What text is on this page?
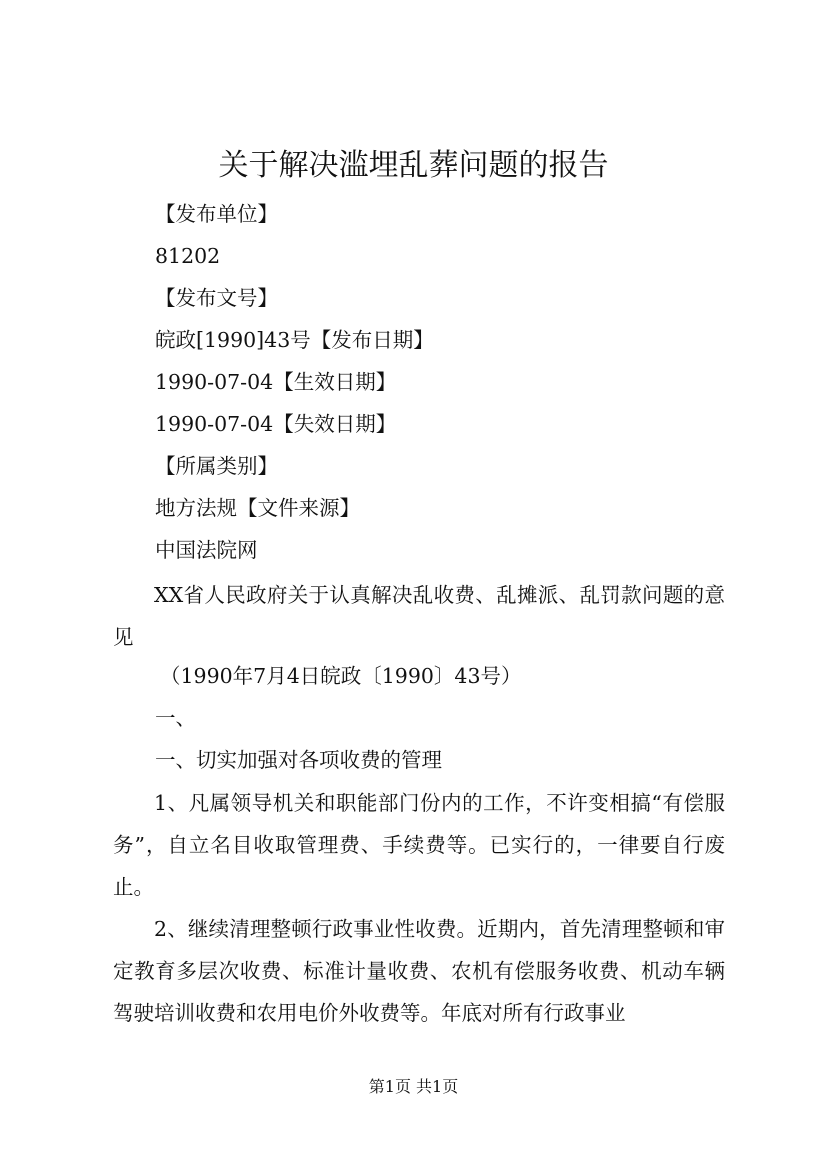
关于解决滥埋乱葬问题的报告

【发布单位】

81202

【发布文号】

皖政[1990]43号【发布日期】

1990-07-04【生效日期】

1990-07-04【失效日期】

【所属类别】

地方法规【文件来源】

中国法院网

XX省人民政府关于认真解决乱收费、乱摊派、乱罚款问题的意见

（1990年7月4日皖政〔1990〕43号）

一、

一、切实加强对各项收费的管理

1、凡属领导机关和职能部门份内的工作，不许变相搞“有偿服务”，自立名目收取管理费、手续费等。已实行的，一律要自行废止。

2、继续清理整顿行政事业性收费。近期内，首先清理整顿和审定教育多层次收费、标准计量收费、农机有偿服务收费、机动车辆驾驶培训收费和农用电价外收费等。年底对所有行政事业

第1页 共1页
